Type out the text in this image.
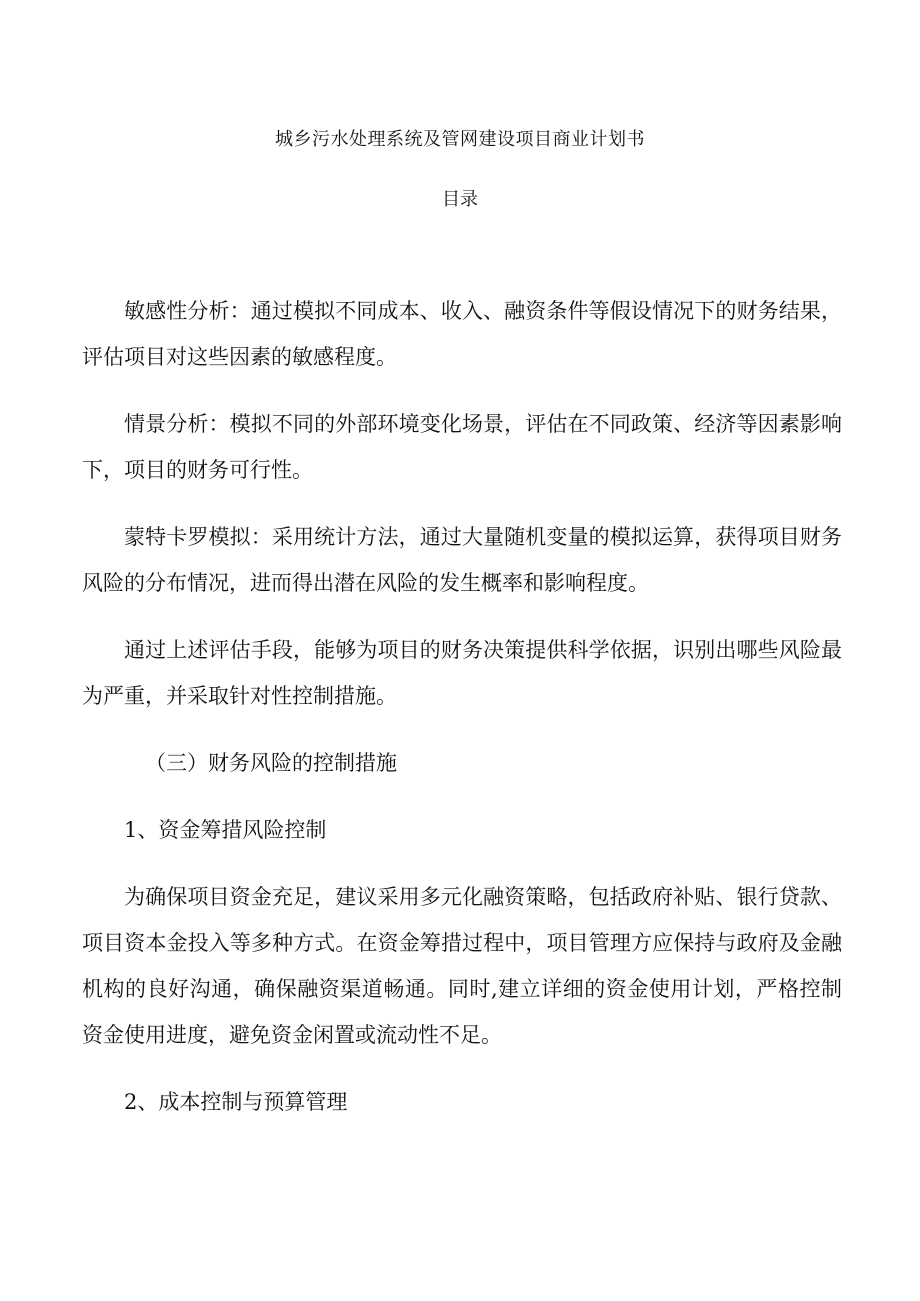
城乡污水处理系统及管网建设项目商业计划书
目录

敏感性分析：通过模拟不同成本、收入、融资条件等假设情况下的财务结果，评估项目对这些因素的敏感程度。

情景分析：模拟不同的外部环境变化场景，评估在不同政策、经济等因素影响下，项目的财务可行性。

蒙特卡罗模拟：采用统计方法，通过大量随机变量的模拟运算，获得项目财务风险的分布情况，进而得出潜在风险的发生概率和影响程度。

通过上述评估手段，能够为项目的财务决策提供科学依据，识别出哪些风险最为严重，并采取针对性控制措施。

（三）财务风险的控制措施

1、资金筹措风险控制

为确保项目资金充足，建议采用多元化融资策略，包括政府补贴、银行贷款、项目资本金投入等多种方式。在资金筹措过程中，项目管理方应保持与政府及金融机构的良好沟通，确保融资渠道畅通。同时,建立详细的资金使用计划，严格控制资金使用进度，避免资金闲置或流动性不足。

2、成本控制与预算管理
